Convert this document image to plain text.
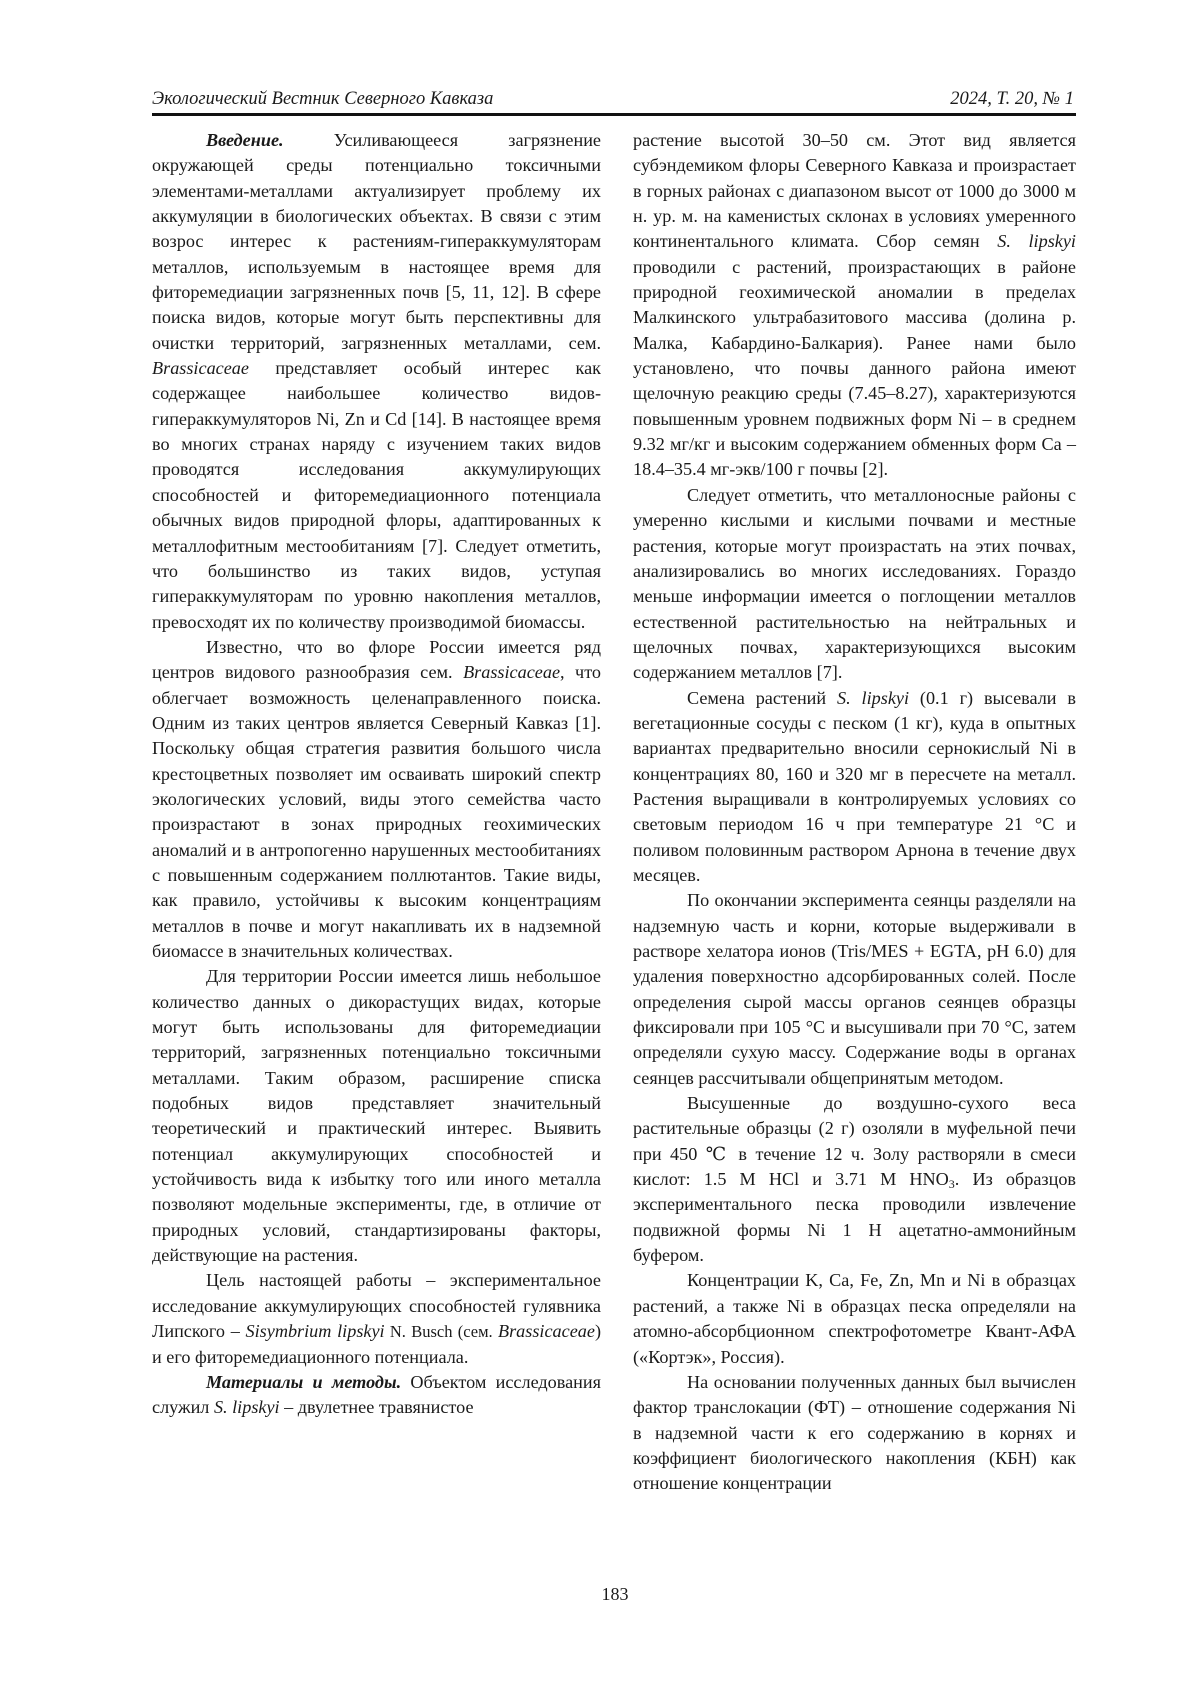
Экологический Вестник Северного Кавказа	2024, Т. 20, № 1

Введение. Усиливающееся загрязнение окружающей среды потенциально токсичными элементами-металлами актуализирует проблему их аккумуляции в биологических объектах. В связи с этим возрос интерес к растениям-гипераккумуляторам металлов, используемым в настоящее время для фиторемедиации загрязненных почв [5, 11, 12]. В сфере поиска видов, которые могут быть перспективны для очистки территорий, загрязненных металлами, сем. Brassicaceae представляет особый интерес как содержащее наибольшее количество видов-гипераккумуляторов Ni, Zn и Cd [14]. В настоящее время во многих странах наряду с изучением таких видов проводятся исследования аккумулирующих способностей и фиторемедиационного потенциала обычных видов природной флоры, адаптированных к металлофитным местообитаниям [7]. Следует отметить, что большинство из таких видов, уступая гипераккумуляторам по уровню накопления металлов, превосходят их по количеству производимой биомассы.

Известно, что во флоре России имеется ряд центров видового разнообразия сем. Brassicaceae, что облегчает возможность целенаправленного поиска. Одним из таких центров является Северный Кавказ [1]. Поскольку общая стратегия развития большого числа крестоцветных позволяет им осваивать широкий спектр экологических условий, виды этого семейства часто произрастают в зонах природных геохимических аномалий и в антропогенно нарушенных местообитаниях с повышенным содержанием поллютантов. Такие виды, как правило, устойчивы к высоким концентрациям металлов в почве и могут накапливать их в надземной биомассе в значительных количествах.

Для территории России имеется лишь небольшое количество данных о дикорастущих видах, которые могут быть использованы для фиторемедиации территорий, загрязненных потенциально токсичными металлами. Таким образом, расширение списка подобных видов представляет значительный теоретический и практический интерес. Выявить потенциал аккумулирующих способностей и устойчивость вида к избытку того или иного металла позволяют модельные эксперименты, где, в отличие от природных условий, стандартизированы факторы, действующие на растения.

Цель настоящей работы – экспериментальное исследование аккумулирующих способностей гулявника Липского – Sisymbrium lipskyi N. Busch (сем. Brassicaceae) и его фиторемедиационного потенциала.

Материалы и методы. Объектом исследования служил S. lipskyi – двулетнее травянистое

растение высотой 30–50 см. Этот вид является субэндемиком флоры Северного Кавказа и произрастает в горных районах с диапазоном высот от 1000 до 3000 м н. ур. м. на каменистых склонах в условиях умеренного континентального климата. Сбор семян S. lipskyi проводили с растений, произрастающих в районе природной геохимической аномалии в пределах Малкинского ультрабазитового массива (долина р. Малка, Кабардино-Балкария). Ранее нами было установлено, что почвы данного района имеют щелочную реакцию среды (7.45–8.27), характеризуются повышенным уровнем подвижных форм Ni – в среднем 9.32 мг/кг и высоким содержанием обменных форм Ca – 18.4–35.4 мг-экв/100 г почвы [2].

Следует отметить, что металлоносные районы с умеренно кислыми и кислыми почвами и местные растения, которые могут произрастать на этих почвах, анализировались во многих исследованиях. Гораздо меньше информации имеется о поглощении металлов естественной растительностью на нейтральных и щелочных почвах, характеризующихся высоким содержанием металлов [7].

Семена растений S. lipskyi (0.1 г) высевали в вегетационные сосуды с песком (1 кг), куда в опытных вариантах предварительно вносили сернокислый Ni в концентрациях 80, 160 и 320 мг в пересчете на металл. Растения выращивали в контролируемых условиях со световым периодом 16 ч при температуре 21 °C и поливом половинным раствором Арнона в течение двух месяцев.

По окончании эксперимента сеянцы разделяли на надземную часть и корни, которые выдерживали в растворе хелатора ионов (Tris/MES + EGTA, pH 6.0) для удаления поверхностно адсорбированных солей. После определения сырой массы органов сеянцев образцы фиксировали при 105 °C и высушивали при 70 °C, затем определяли сухую массу. Содержание воды в органах сеянцев рассчитывали общепринятым методом.

Высушенные до воздушно-сухого веса растительные образцы (2 г) озоляли в муфельной печи при 450 ℃ в течение 12 ч. Золу растворяли в смеси кислот: 1.5 M HCl и 3.71 M $HNO_3$. Из образцов экспериментального песка проводили извлечение подвижной формы Ni 1 Н ацетатно-аммонийным буфером.

Концентрации K, Ca, Fe, Zn, Mn и Ni в образцах растений, а также Ni в образцах песка определяли на атомно-абсорбционном спектрофотометре Квант-АФА («Кортэк», Россия).

На основании полученных данных был вычислен фактор транслокации (ФТ) – отношение содержания Ni в надземной части к его содержанию в корнях и коэффициент биологического накопления (КБН) как отношение концентрации

183
